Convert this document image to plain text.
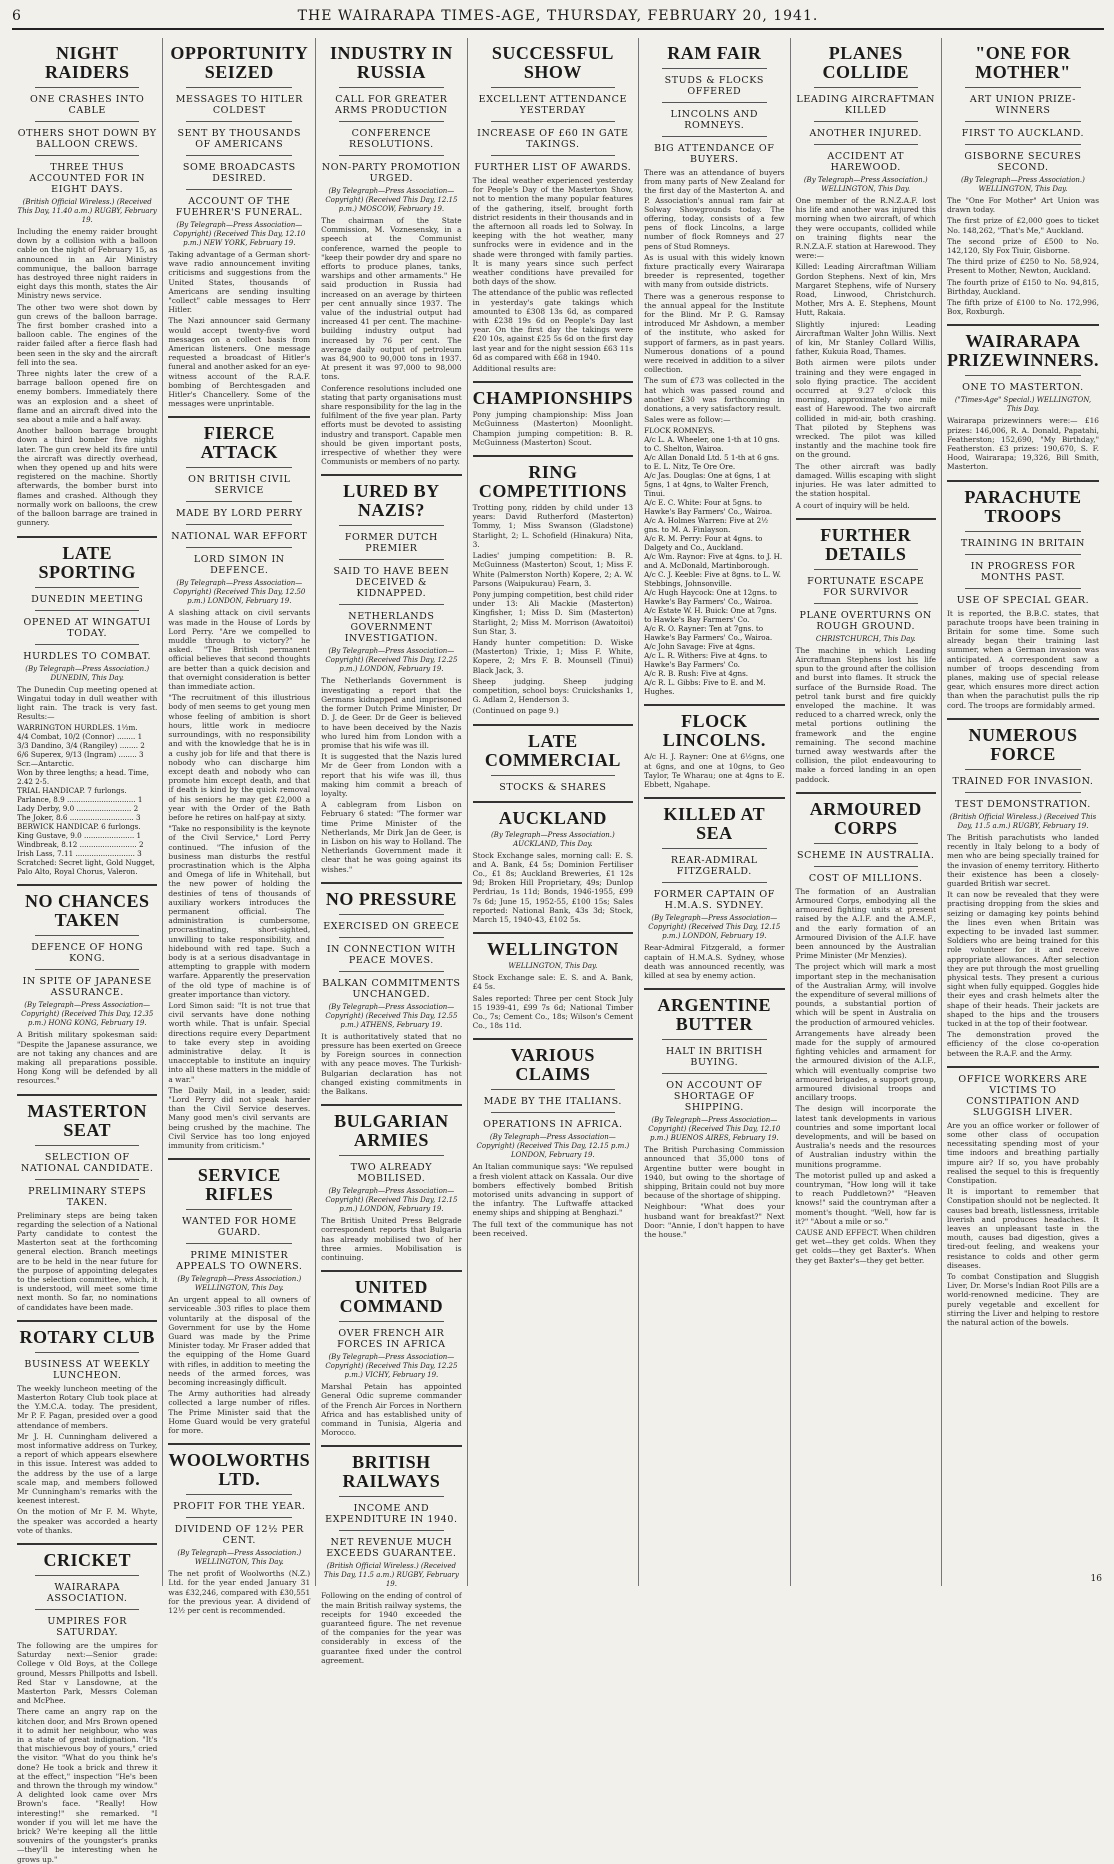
6	THE WAIRARAPA TIMES-AGE, THURSDAY, FEBRUARY 20, 1941.
NIGHT RAIDERS
ONE CRASHES INTO CABLE
OTHERS SHOT DOWN BY BALLOON CREWS.
THREE THUS ACCOUNTED FOR IN EIGHT DAYS.
(British Official Wireless.) (Received This Day, 11.40 a.m.) RUGBY, February 19.

Including the enemy raider brought down by a collision with a balloon cable on the night of February 15, as announced in an Air Ministry communique, the balloon barrage has destroyed three night raiders in eight days this month, states the Air Ministry news service.

The other two were shot down by gun crews of the balloon barrage. The first bomber crashed into a balloon cable. The engines of the raider failed after a fierce flash had been seen in the sky and the aircraft fell into the sea.

Three nights later the crew of a barrage balloon opened fire on enemy bombers. Immediately there was an explosion and a sheet of flame and an aircraft dived into the sea about a mile and a half away.

Another balloon barrage brought down a third bomber five nights later. The gun crew held its fire until the aircraft was directly overhead, when they opened up and hits were registered on the machine. Shortly afterwards, the bomber burst into flames and crashed. Although they normally work on balloons, the crew of the balloon barrage are trained in gunnery.

LATE SPORTING
DUNEDIN MEETING
OPENED AT WINGATUI TODAY.
HURDLES TO COMBAT.
(By Telegraph—Press Association.) DUNEDIN, This Day.

The Dunedin Cup meeting opened at Wingatui today in dull weather with light rain. The track is very fast. Results:—

WARRINGTON HURDLES. 1½m.
4/4 Combat, 10/2 (Connor) ........ 1
3/3 Dandino, 3/4 (Rangiley) ........ 2
6/6 Superex, 9/13 (Ingram) ........ 3
Scr.—Antarctic.
Won by three lengths; a head. Time, 2.42 2-5.
TRIAL HANDICAP. 7 furlongs.
Parlance, 8.9 .............................. 1
Lady Derby, 9.0 ........................ 2
The Joker, 8.6 ............................ 3
BERWICK HANDICAP. 6 furlongs.
King Gustave, 9.0 ...................... 1
Windbreak, 8.12 ......................... 2
Irish Lass, 7.11 .......................... 3
Scratched: Secret light, Gold Nugget, Palo Alto, Royal Chorus, Valeron.
NO CHANCES TAKEN
DEFENCE OF HONG KONG.
IN SPITE OF JAPANESE ASSURANCE.
(By Telegraph—Press Association—Copyright) (Received This Day, 12.35 p.m.) HONG KONG, February 19.

A British military spokesman said: "Despite the Japanese assurance, we are not taking any chances and are making all preparations possible. Hong Kong will be defended by all resources."

MASTERTON SEAT
SELECTION OF NATIONAL CANDIDATE.
PRELIMINARY STEPS TAKEN.

Preliminary steps are being taken regarding the selection of a National Party candidate to contest the Masterton seat at the forthcoming general election. Branch meetings are to be held in the near future for the purpose of appointing delegates to the selection committee, which, it is understood, will meet some time next month. So far, no nominations of candidates have been made.

ROTARY CLUB
BUSINESS AT WEEKLY LUNCHEON.

The weekly luncheon meeting of the Masterton Rotary Club took place at the Y.M.C.A. today. The president, Mr P. F. Pagan, presided over a good attendance of members.

Mr J. H. Cunningham delivered a most informative address on Turkey, a report of which appears elsewhere in this issue. Interest was added to the address by the use of a large scale map, and members followed Mr Cunningham's remarks with the keenest interest.

On the motion of Mr F. M. Whyte, the speaker was accorded a hearty vote of thanks.

CRICKET
WAIRARAPA ASSOCIATION.
UMPIRES FOR SATURDAY.

The following are the umpires for Saturday next:—Senior grade: College v Old Boys, at the College ground, Messrs Phillpotts and Isbell. Red Star v Lansdowne, at the Masterton Park, Messrs Coleman and McPhee.

There came an angry rap on the kitchen door, and Mrs Brown opened it to admit her neighbour, who was in a state of great indignation. "It's that mischievous boy of yours," cried the visitor. "What do you think he's done? He took a brick and threw it at the effect," inspection "He's been and thrown the through my window." A delighted look came over Mrs Brown's face. "Really! How interesting!" she remarked. "I wonder if you will let me have the brick? We're keeping all the little souvenirs of the youngster's pranks—they'll be interesting when he grows up."

OPPORTUNITY SEIZED
MESSAGES TO HITLER COLDEST
SENT BY THOUSANDS OF AMERICANS
SOME BROADCASTS DESIRED.
ACCOUNT OF THE FUEHRER'S FUNERAL.
(By Telegraph—Press Association—Copyright) (Received This Day, 12.10 p.m.) NEW YORK, February 19.

Taking advantage of a German short-wave radio announcement inviting criticisms and suggestions from the United States, thousands of Americans are sending insulting "collect" cable messages to Herr Hitler.

The Nazi announcer said Germany would accept twenty-five word messages on a collect basis from American listeners. One message requested a broadcast of Hitler's funeral and another asked for an eye-witness account of the R.A.F. bombing of Berchtesgaden and Hitler's Chancellery. Some of the messages were unprintable.

FIERCE ATTACK
ON BRITISH CIVIL SERVICE
MADE BY LORD PERRY
NATIONAL WAR EFFORT
LORD SIMON IN DEFENCE.
(By Telegraph—Press Association—Copyright) (Received This Day, 12.50 p.m.) LONDON, February 19.

A slashing attack on civil servants was made in the House of Lords by Lord Perry. "Are we compelled to muddle through to victory?" he asked. "The British permanent official believes that second thoughts are better than a quick decision and that overnight consideration is better than immediate action.

"The recruitment of this illustrious body of men seems to get young men whose feeling of ambition is short hours, little work in mediocre surroundings, with no responsibility and with the knowledge that he is in a cushy job for life and that there is nobody who can discharge him except death and nobody who can promote him except death, and that if death is kind by the quick removal of his seniors he may get £2,000 a year with the Order of the Bath before he retires on half-pay at sixty.

"Take no responsibility is the keynote of the Civil Service," Lord Perry continued. "The infusion of the business man disturbs the restful procrastination which is the Alpha and Omega of life in Whitehall, but the new power of holding the destinies of tens of thousands of auxiliary workers introduces the permanent official. The administration is cumbersome, procrastinating, short-sighted, unwilling to take responsibility, and hidebound with red tape. Such a body is at a serious disadvantage in attempting to grapple with modern warfare. Apparently the preservation of the old type of machine is of greater importance than victory.

Lord Simon said: "It is not true that civil servants have done nothing worth while. That is unfair. Special directions require every Department to take every step in avoiding administrative delay. It is unacceptable to institute an inquiry into all these matters in the middle of a war."

The Daily Mail, in a leader, said: "Lord Perry did not speak harder than the Civil Service deserves. Many good men's civil servants are being crushed by the machine. The Civil Service has too long enjoyed immunity from criticism."

SERVICE RIFLES
WANTED FOR HOME GUARD.
PRIME MINISTER APPEALS TO OWNERS.
(By Telegraph—Press Association.) WELLINGTON, This Day.

An urgent appeal to all owners of serviceable .303 rifles to place them voluntarily at the disposal of the Government for use by the Home Guard was made by the Prime Minister today. Mr Fraser added that the equipping of the Home Guard with rifles, in addition to meeting the needs of the armed forces, was becoming increasingly difficult.

The Army authorities had already collected a large number of rifles. The Prime Minister said that the Home Guard would be very grateful for more.

WOOLWORTHS LTD.
PROFIT FOR THE YEAR.
DIVIDEND OF 12½ PER CENT.
(By Telegraph—Press Association.) WELLINGTON, This Day.

The net profit of Woolworths (N.Z.) Ltd. for the year ended January 31 was £32,246, compared with £30,551 for the previous year. A dividend of 12½ per cent is recommended.

INDUSTRY IN RUSSIA
CALL FOR GREATER ARMS PRODUCTION
CONFERENCE RESOLUTIONS.
NON-PARTY PROMOTION URGED.
(By Telegraph—Press Association—Copyright) (Received This Day, 12.15 p.m.) MOSCOW, February 19.

The chairman of the State Commission, M. Voznesensky, in a speech at the Communist conference, warned the people to "keep their powder dry and spare no efforts to produce planes, tanks, warships and other armaments." He said production in Russia had increased on an average by thirteen per cent annually since 1937. The value of the industrial output had increased 41 per cent. The machine-building industry output had increased by 76 per cent. The average daily output of petroleum was 84,900 to 90,000 tons in 1937. At present it was 97,000 to 98,000 tons.

Conference resolutions included one stating that party organisations must share responsibility for the lag in the fulfilment of the five year plan. Party efforts must be devoted to assisting industry and transport. Capable men should be given important posts, irrespective of whether they were Communists or members of no party.

LURED BY NAZIS?
FORMER DUTCH PREMIER
SAID TO HAVE BEEN DECEIVED & KIDNAPPED.
NETHERLANDS GOVERNMENT INVESTIGATION.
(By Telegraph—Press Association—Copyright) (Received This Day, 12.25 p.m.) LONDON, February 19.

The Netherlands Government is investigating a report that the Germans kidnapped and imprisoned the former Dutch Prime Minister, Dr D. J. de Geer. Dr de Geer is believed to have been deceived by the Nazis who lured him from London with a promise that his wife was ill.

It is suggested that the Nazis lured Mr de Geer from London with a report that his wife was ill, thus making him commit a breach of loyalty.

A cablegram from Lisbon on February 6 stated: "The former war time Prime Minister of the Netherlands, Mr Dirk Jan de Geer, is in Lisbon on his way to Holland. The Netherlands Government made it clear that he was going against its wishes."

NO PRESSURE
EXERCISED ON GREECE
IN CONNECTION WITH PEACE MOVES.
BALKAN COMMITMENTS UNCHANGED.
(By Telegraph—Press Association—Copyright) (Received This Day, 12.55 p.m.) ATHENS, February 19.

It is authoritatively stated that no pressure has been exerted on Greece by Foreign sources in connection with any peace moves. The Turkish-Bulgarian declaration has not changed existing commitments in the Balkans.

BULGARIAN ARMIES
TWO ALREADY MOBILISED.
(By Telegraph—Press Association—Copyright) (Received This Day, 12.15 p.m.) LONDON, February 19.

The British United Press Belgrade correspondent reports that Bulgaria has already mobilised two of her three armies. Mobilisation is continuing.

UNITED COMMAND
OVER FRENCH AIR FORCES IN AFRICA
(By Telegraph—Press Association—Copyright) (Received This Day, 12.25 p.m.) VICHY, February 19.

Marshal Petain has appointed General Odic supreme commander of the French Air Forces in Northern Africa and has established unity of command in Tunisia, Algeria and Morocco.

BRITISH RAILWAYS
INCOME AND EXPENDITURE IN 1940.
NET REVENUE MUCH EXCEEDS GUARANTEE.
(British Official Wireless.) (Received This Day, 11.5 a.m.) RUGBY, February 19.

Following on the ending of control of the main British railway systems, the receipts for 1940 exceeded the guaranteed figure. The net revenue of the companies for the year was considerably in excess of the guarantee fixed under the control agreement.

SUCCESSFUL SHOW
EXCELLENT ATTENDANCE YESTERDAY
INCREASE OF £60 IN GATE TAKINGS.
FURTHER LIST OF AWARDS.

The ideal weather experienced yesterday for People's Day of the Masterton Show, not to mention the many popular features of the gathering, itself, brought forth district residents in their thousands and in the afternoon all roads led to Solway. In keeping with the hot weather, many sunfrocks were in evidence and in the shade were thronged with family parties. It is many years since such perfect weather conditions have prevailed for both days of the show.

The attendance of the public was reflected in yesterday's gate takings which amounted to £308 13s 6d, as compared with £238 19s 6d on People's Day last year. On the first day the takings were £20 10s, against £25 5s 6d on the first day last year and for the night session £63 11s 6d as compared with £68 in 1940.

Additional results are:

CHAMPIONSHIPS

Pony jumping championship: Miss Joan McGuinness (Masterton) Moonlight. Champion jumping competition: B. R. McGuinness (Masterton) Scout.

RING COMPETITIONS

Trotting pony, ridden by child under 13 years: David Rutherford (Masterton) Tommy, 1; Miss Swanson (Gladstone) Starlight, 2; L. Schofield (Hinakura) Nita, 3.

Ladies' jumping competition: B. R. McGuinness (Masterton) Scout, 1; Miss F. White (Palmerston North) Kopere, 2; A. W. Parsons (Waipukurau) Fearn, 3.

Pony jumping competition, best child rider under 13: Ali Mackie (Masterton) Kingfisher, 1; Miss D. Sim (Masterton) Starlight, 2; Miss M. Morrison (Awatoitoi) Sun Star, 3.

Handy hunter competition: D. Wiske (Masterton) Trixie, 1; Miss F. White, Kopere, 2; Mrs F. B. Mounsell (Tinui) Black Jack, 3.

Sheep judging. Sheep judging competition, school boys: Cruickshanks 1, G. Adlam 2, Henderson 3.

(Continued on page 9.)

LATE COMMERCIAL
STOCKS & SHARES
AUCKLAND
(By Telegraph—Press Association.) AUCKLAND, This Day.

Stock Exchange sales, morning call: E. S. and A. Bank, £4 5s; Dominion Fertiliser Co., £1 8s; Auckland Breweries, £1 12s 9d; Broken Hill Proprietary, 49s; Dunlop Perdriau, 1s 11d; Bonds, 1946-1955, £99 7s 6d; June 15, 1952-55, £100 15s; Sales reported: National Bank, 43s 3d; Stock, March 15, 1940-43, £102 5s.

WELLINGTON
WELLINGTON, This Day.

Stock Exchange sale: E. S. and A. Bank, £4 5s.

Sales reported: Three per cent Stock July 15 1939-41, £99 7s 6d; National Timber Co., 7s; Cement Co., 18s; Wilson's Cement Co., 18s 11d.

VARIOUS CLAIMS
MADE BY THE ITALIANS.
OPERATIONS IN AFRICA.
(By Telegraph—Press Association—Copyright) (Received This Day, 12.15 p.m.) LONDON, February 19.

An Italian communique says: "We repulsed a fresh violent attack on Kassala. Our dive bombers effectively bombed British motorised units advancing in support of the infantry. The Luftwaffe attacked enemy ships and shipping at Benghazi."

The full text of the communique has not been received.

RAM FAIR
STUDS & FLOCKS OFFERED
LINCOLNS AND ROMNEYS.
BIG ATTENDANCE OF BUYERS.

There was an attendance of buyers from many parts of New Zealand for the first day of the Masterton A. and P. Association's annual ram fair at Solway Showgrounds today. The offering, today, consists of a few pens of flock Lincolns, a large number of flock Romneys and 27 pens of Stud Romneys.

As is usual with this widely known fixture practically every Wairarapa breeder is represented, together with many from outside districts.

There was a generous response to the annual appeal for the Institute for the Blind. Mr P. G. Ramsay introduced Mr Ashdown, a member of the institute, who asked for support of farmers, as in past years. Numerous donations of a pound were received in addition to a silver collection.

The sum of £73 was collected in the hat which was passed round and another £30 was forthcoming in donations, a very satisfactory result.

Sales were as follow:—

FLOCK ROMNEYS.
A/c L. A. Wheeler, one 1-th at 10 gns. to C. Shelton, Wairoa.
A/c Allan Donald Ltd. 5 1-th at 6 gns. to E. L. Nitz, Te Ore Ore.
A/c Jas. Douglas: One at 6gns, 1 at 5gns, 1 at 4gns, to Walter French, Tinui.
A/c E. C. White: Four at 5gns. to Hawke's Bay Farmers' Co., Wairoa.
A/c A. Holmes Warren: Five at 2½ gns. to M. A. Finlayson.
A/c R. M. Perry: Four at 4gns. to Dalgety and Co., Auckland.
A/c Wm. Raynor: Five at 4gns. to J. H. and A. McDonald, Martinborough.
A/c C. J. Keeble: Five at 8gns. to L. W. Stebbings, Johnsonville.
A/c Hugh Haycock: One at 12gns. to Hawke's Bay Farmers' Co., Wairoa.
A/c Estate W. H. Buick: One at 7gns. to Hawke's Bay Farmers' Co.
A/c R. O. Rayner: Ten at 7gns. to Hawke's Bay Farmers' Co., Wairoa.
A/c John Savage: Five at 4gns.
A/c L. R. Withers: Five at 4gns. to Hawke's Bay Farmers' Co.
A/c R. B. Rush: Five at 4gns.
A/c R. L. Gibbs: Five to E. and M. Hughes.
FLOCK LINCOLNS.

A/c H. J. Rayner: One at 6½gns, one at 6gns, and one at 10gns, to Geo Taylor, Te Wharau; one at 4gns to E. Ebbett, Ngahape.

KILLED AT SEA
REAR-ADMIRAL FITZGERALD.
FORMER CAPTAIN OF H.M.A.S. SYDNEY.
(By Telegraph—Press Association—Copyright) (Received This Day, 12.15 p.m.) LONDON, February 19.

Rear-Admiral Fitzgerald, a former captain of H.M.A.S. Sydney, whose death was announced recently, was killed at sea by enemy action.

ARGENTINE BUTTER
HALT IN BRITISH BUYING.
ON ACCOUNT OF SHORTAGE OF SHIPPING.
(By Telegraph—Press Association—Copyright) (Received This Day, 12.10 p.m.) BUENOS AIRES, February 19.

The British Purchasing Commission announced that 35,000 tons of Argentine butter were bought in 1940, but owing to the shortage of shipping, Britain could not buy more because of the shortage of shipping.

Neighbour: "What does your husband want for breakfast?" Next Door: "Annie, I don't happen to have the house."

PLANES COLLIDE
LEADING AIRCRAFTMAN KILLED
ANOTHER INJURED.
ACCIDENT AT HAREWOOD.
(By Telegraph—Press Association.) WELLINGTON, This Day.

One member of the R.N.Z.A.F. lost his life and another was injured this morning when two aircraft, of which they were occupants, collided while on training flights near the R.N.Z.A.F. station at Harewood. They were:—

Killed: Leading Aircraftman William Gordon Stephens. Next of kin, Mrs Margaret Stephens, wife of Nursery Road, Linwood, Christchurch. Mother, Mrs A. E. Stephens, Mount Hutt, Rakaia.

Slightly injured: Leading Aircraftman Walter John Willis. Next of kin, Mr Stanley Collard Willis, father, Kukuia Road, Thames.

Both airmen were pilots under training and they were engaged in solo flying practice. The accident occurred at 9.27 o'clock this morning, approximately one mile east of Harewood. The two aircraft collided in mid-air, both crashing. That piloted by Stephens was wrecked. The pilot was killed instantly and the machine took fire on the ground.

The other aircraft was badly damaged. Willis escaping with slight injuries. He was later admitted to the station hospital.

A court of inquiry will be held.

FURTHER DETAILS
FORTUNATE ESCAPE FOR SURVIVOR
PLANE OVERTURNS ON ROUGH GROUND.
CHRISTCHURCH, This Day.

The machine in which Leading Aircraftman Stephens lost his life spun to the ground after the collision and burst into flames. It struck the surface of the Burnside Road. The petrol tank burst and fire quickly enveloped the machine. It was reduced to a charred wreck, only the metal portions outlining the framework and the engine remaining. The second machine turned away westwards after the collision, the pilot endeavouring to make a forced landing in an open paddock.

ARMOURED CORPS
SCHEME IN AUSTRALIA.
COST OF MILLIONS.

The formation of an Australian Armoured Corps, embodying all the armoured fighting units at present raised by the A.I.F. and the A.M.F., and the early formation of an Armoured Division of the A.I.F. have been announced by the Australian Prime Minister (Mr Menzies).

The project which will mark a most important step in the mechanisation of the Australian Army, will involve the expenditure of several millions of pounds, a substantial portion of which will be spent in Australia on the production of armoured vehicles.

Arrangements have already been made for the supply of armoured fighting vehicles and armament for the armoured division of the A.I.F., which will eventually comprise two armoured brigades, a support group, armoured divisional troops and ancillary troops.

The design will incorporate the latest tank developments in various countries and some important local developments, and will be based on Australia's needs and the resources of Australian industry within the munitions programme.

The motorist pulled up and asked a countryman, "How long will it take to reach Puddletown?" "Heaven knows!" said the countryman after a moment's thought. "Well, how far is it?" "About a mile or so."

CAUSE AND EFFECT. When children get wet—they get colds. When they get colds—they get Baxter's. When they get Baxter's—they get better.

"ONE FOR MOTHER"
ART UNION PRIZE-WINNERS
FIRST TO AUCKLAND.
GISBORNE SECURES SECOND.
(By Telegraph—Press Association.) WELLINGTON, This Day.

The "One For Mother" Art Union was drawn today.

The first prize of £2,000 goes to ticket No. 148,262, "That's Me," Auckland.

The second prize of £500 to No. 142,120, Sly Fox Tiuir, Gisborne.

The third prize of £250 to No. 58,924, Present to Mother, Newton, Auckland.

The fourth prize of £150 to No. 94,815, Birthday, Auckland.

The fifth prize of £100 to No. 172,996, Box, Roxburgh.

WAIRARAPA PRIZEWINNERS.
ONE TO MASTERTON.
("Times-Age" Special.) WELLINGTON, This Day.

Wairarapa prizewinners were:— £16 prizes: 146,006, R. A. Donald, Papatahi, Featherston; 152,690, "My Birthday," Featherston. £3 prizes: 190,670, S. F. Hood, Wairarapa; 19,326, Bill Smith, Masterton.

PARACHUTE TROOPS
TRAINING IN BRITAIN
IN PROGRESS FOR MONTHS PAST.
USE OF SPECIAL GEAR.

It is reported, the B.B.C. states, that parachute troops have been training in Britain for some time. Some such already began their training last summer, when a German invasion was anticipated. A correspondent saw a number of troops descending from planes, making use of special release gear, which ensures more direct action than when the parachutist pulls the rip cord. The troops are formidably armed.

NUMEROUS FORCE
TRAINED FOR INVASION.
TEST DEMONSTRATION.
(British Official Wireless.) (Received This Day, 11.5 a.m.) RUGBY, February 19.

The British parachutists who landed recently in Italy belong to a body of men who are being specially trained for the invasion of enemy territory. Hitherto their existence has been a closely-guarded British war secret.

It can now be revealed that they were practising dropping from the skies and seizing or damaging key points behind the lines even when Britain was expecting to be invaded last summer. Soldiers who are being trained for this role volunteer for it and receive appropriate allowances. After selection they are put through the most gruelling physical tests. They present a curious sight when fully equipped. Goggles hide their eyes and crash helmets alter the shape of their heads. Their jackets are shaped to the hips and the trousers tucked in at the top of their footwear.

The demonstration proved the efficiency of the close co-operation between the R.A.F. and the Army.

OFFICE WORKERS ARE VICTIMS TO CONSTIPATION AND SLUGGISH LIVER.

Are you an office worker or follower of some other class of occupation necessitating spending most of your time indoors and breathing partially impure air? If so, you have probably realised the sequel to this is frequently Constipation.

It is important to remember that Constipation should not be neglected. It causes bad breath, listlessness, irritable liverish and produces headaches. It leaves an unpleasant taste in the mouth, causes bad digestion, gives a tired-out feeling, and weakens your resistance to colds and other germ diseases.

To combat Constipation and Sluggish Liver, Dr. Morse's Indian Root Pills are a world-renowned medicine. They are purely vegetable and excellent for stirring the Liver and helping to restore the natural action of the bowels.

16
